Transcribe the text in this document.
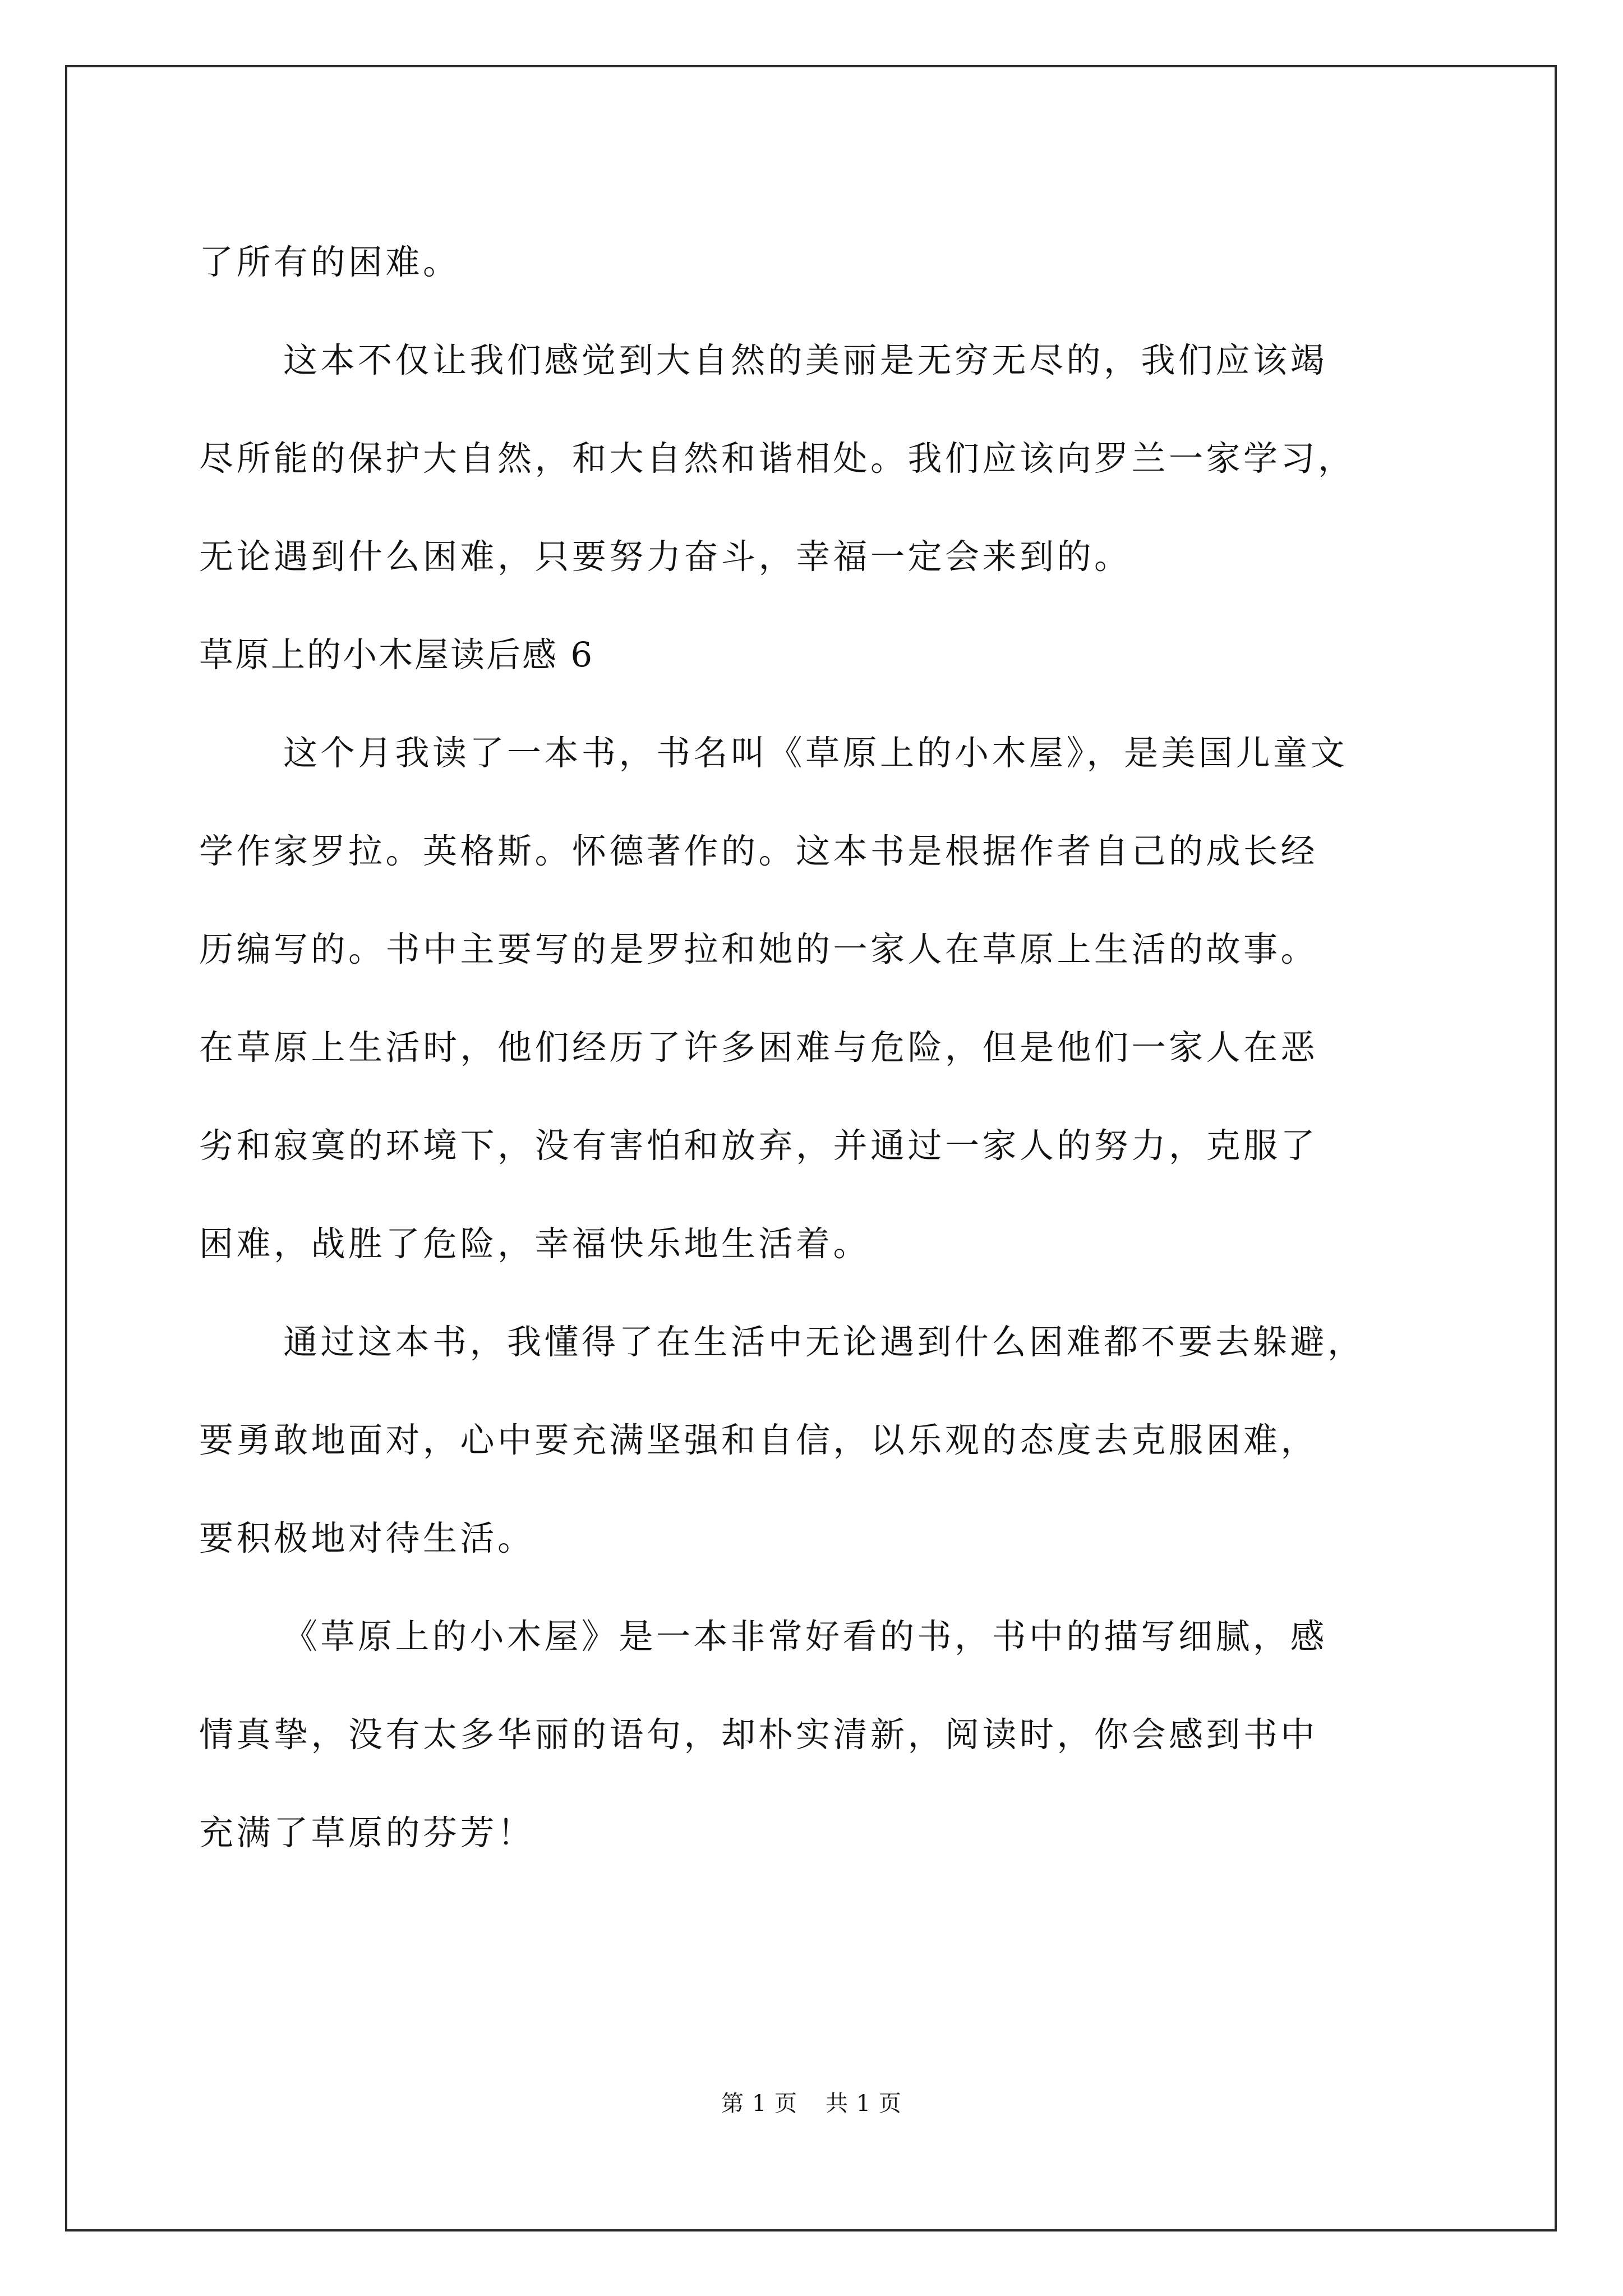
了所有的困难。
这本不仅让我们感觉到大自然的美丽是无穷无尽的，我们应该竭
尽所能的保护大自然，和大自然和谐相处。我们应该向罗兰一家学习，
无论遇到什么困难，只要努力奋斗，幸福一定会来到的。
草原上的小木屋读后感 6
这个月我读了一本书，书名叫《草原上的小木屋》，是美国儿童文
学作家罗拉。英格斯。怀德著作的。这本书是根据作者自己的成长经
历编写的。书中主要写的是罗拉和她的一家人在草原上生活的故事。
在草原上生活时，他们经历了许多困难与危险，但是他们一家人在恶
劣和寂寞的环境下，没有害怕和放弃，并通过一家人的努力，克服了
困难，战胜了危险，幸福快乐地生活着。
通过这本书，我懂得了在生活中无论遇到什么困难都不要去躲避，
要勇敢地面对，心中要充满坚强和自信，以乐观的态度去克服困难，
要积极地对待生活。
《草原上的小木屋》是一本非常好看的书，书中的描写细腻，感
情真挚，没有太多华丽的语句，却朴实清新，阅读时，你会感到书中
充满了草原的芬芳！
第 1 页 共 1 页
